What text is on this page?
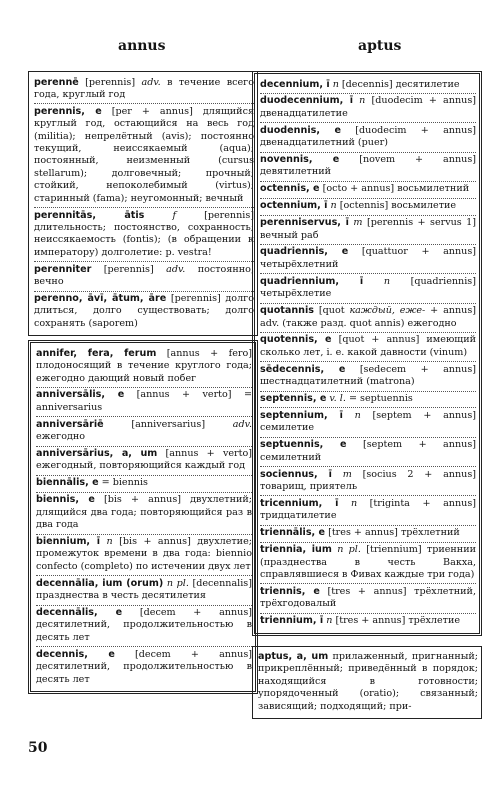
annus	aptus
perennē [perennis] adv. в течение всего года, круглый год
perennis, e [per + annus] длящийся круглый год, остающийся на весь год (militia); непрелётный (avis); постоянно текущий, неиссякаемый (aqua); постоянный, неизменный (cursus stellarum); долговечный; прочный; стойкий, непоколебимый (virtus); старинный (fama); неугомонный; вечный
perennitās, ātis	f [perennis] длительность; постоянство, сохранность; неиссякаемость (fontis); (в обращении к императору) долголетие: p. vestra!
perenniter [perennis] adv. постоянно, вечно
perenno, āvī, ātum, āre [perennis] долго длиться, долго существовать; долго сохранять (saporem)
annifer, fera, ferum [annus + fero] плодоносящий в течение круглого года; ежегодно дающий новый побег
anniversālis, e [annus + verto] = anniversarius
anniversāriē [anniversarius] adv. ежегодно
anniversārius, a, um [annus + verto] ежегодный, повторяющийся каждый год
biennālis, e = biennis
biennis, e [bis + annus] двухлетний; длящийся два года; повторяющийся раз в два года
biennium, ī n [bis + annus] двухлетие; промежуток времени в два года: biennio confecto (completo) по истечении двух лет
decennālia, ium (orum) n pl. [decennalis] празднества в честь десятилетия
decennālis, e [decem + annus] десятилетний, продолжительностью в десять лет
decennis, e [decem + annus] десятилетний, продолжительностью в десять лет
decennium, ī n [decennis] десятилетие
duodecennium, ī n [duodecim + annus] двенадцатилетие
duodennis, e [duodecim + annus] двенадцатилетний (puer)
novennis, e [novem + annus] девятилетний
octennis, e [octo + annus] восьмилетний
octennium, ī n [octennis] восьмилетие
perenniservus, ī m [perennis + servus 1] вечный раб
quadriennis, e [quattuor + annus] четырёхлетний
quadriennium, ī n [quadriennis] четырёхлетие
quotannis [quot каждый, еже- + annus] adv. (также разд. quot annis) ежегодно
quotennis, e [quot + annus] имеющий сколько лет, i. e. какой давности (vinum)
sēdecennis, e [sedecem + annus] шестнадцатилетний (matrona)
septennis, e v. l. = septuennis
septennium, ī n [septem + annus] семилетие
septuennis, e [septem + annus] семилетний
sociennus, ī m [socius 2 + annus] товарищ, приятель
tricennium, ī n [triginta + annus] тридцатилетие
triennālis, e [tres + annus] трёхлетний
triennia, ium n pl. [triennium] триеннии (празднества в честь Вакха, справлявшиеся в Фивах каждые три года)
triennis, e [tres + annus] трёхлетний, трёхгодовалый
triennium, ī n [tres + annus] трёхлетие
aptus, a, um прилаженный, пригнанный; прикреплённый; приведённый в порядок; находящийся в готовности; упорядоченный (oratio); связанный; зависящий; подходящий; при-
50
